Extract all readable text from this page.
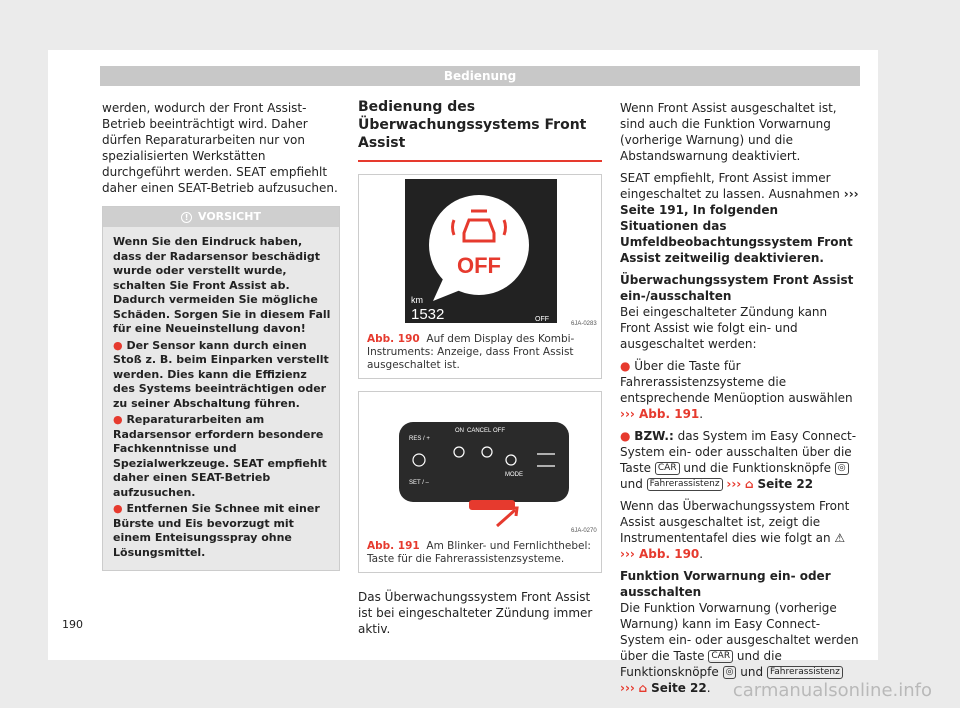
Bedienung

werden, wodurch der Front Assist-Betrieb beeinträchtigt wird. Daher dürfen Reparaturarbeiten nur von spezialisierten Werkstätten durchgeführt werden. SEAT empfiehlt daher einen SEAT-Betrieb aufzusuchen.

! VORSICHT
Wenn Sie den Eindruck haben, dass der Radarsensor beschädigt wurde oder verstellt wurde, schalten Sie Front Assist ab. Dadurch vermeiden Sie mögliche Schäden. Sorgen Sie in diesem Fall für eine Neueinstellung davon!
● Der Sensor kann durch einen Stoß z. B. beim Einparken verstellt werden. Dies kann die Effizienz des Systems beeinträchtigen oder zu seiner Abschaltung führen.
● Reparaturarbeiten am Radarsensor erfordern besondere Fachkenntnisse und Spezialwerkzeuge. SEAT empfiehlt daher einen SEAT-Betrieb aufzusuchen.
● Entfernen Sie Schnee mit einer Bürste und Eis bevorzugt mit einem Enteisungsspray ohne Lösungsmittel.
Bedienung des Überwachungssystems Front Assist
OFF
km
1532	OFF
6JA-0283
Abb. 190 Auf dem Display des Kombi-Instruments: Anzeige, dass Front Assist ausgeschaltet ist.
RES / +
ON CANCEL OFF
SET / –
MODE
6JA-0270
Abb. 191 Am Blinker- und Fernlichthebel: Taste für die Fahrerassistenzsysteme.

Das Überwachungssystem Front Assist ist bei eingeschalteter Zündung immer aktiv.

Wenn Front Assist ausgeschaltet ist, sind auch die Funktion Vorwarnung (vorherige Warnung) und die Abstandswarnung deaktiviert.

SEAT empfiehlt, Front Assist immer eingeschaltet zu lassen. Ausnahmen ››› Seite 191, In folgenden Situationen das Umfeldbeobachtungssystem Front Assist zeitweilig deaktivieren.

Überwachungssystem Front Assist ein-/ausschalten

Bei eingeschalteter Zündung kann Front Assist wie folgt ein- und ausgeschaltet werden:

● Über die Taste für Fahrerassistenzsysteme die entsprechende Menüoption auswählen ››› Abb. 191.

● BZW.: das System im Easy Connect-System ein- oder ausschalten über die Taste CAR und die Funktionsknöpfe ◎ und Fahrerassistenz ››› ⌂ Seite 22

Wenn das Überwachungssystem Front Assist ausgeschaltet ist, zeigt die Instrumententafel dies wie folgt an ⚠ ››› Abb. 190.

Funktion Vorwarnung ein- oder ausschalten

Die Funktion Vorwarnung (vorherige Warnung) kann im Easy Connect-System ein- oder ausgeschaltet werden über die Taste CAR und die Funktionsknöpfe ◎ und Fahrerassistenz ››› ⌂ Seite 22.

190
carmanualsonline.info
